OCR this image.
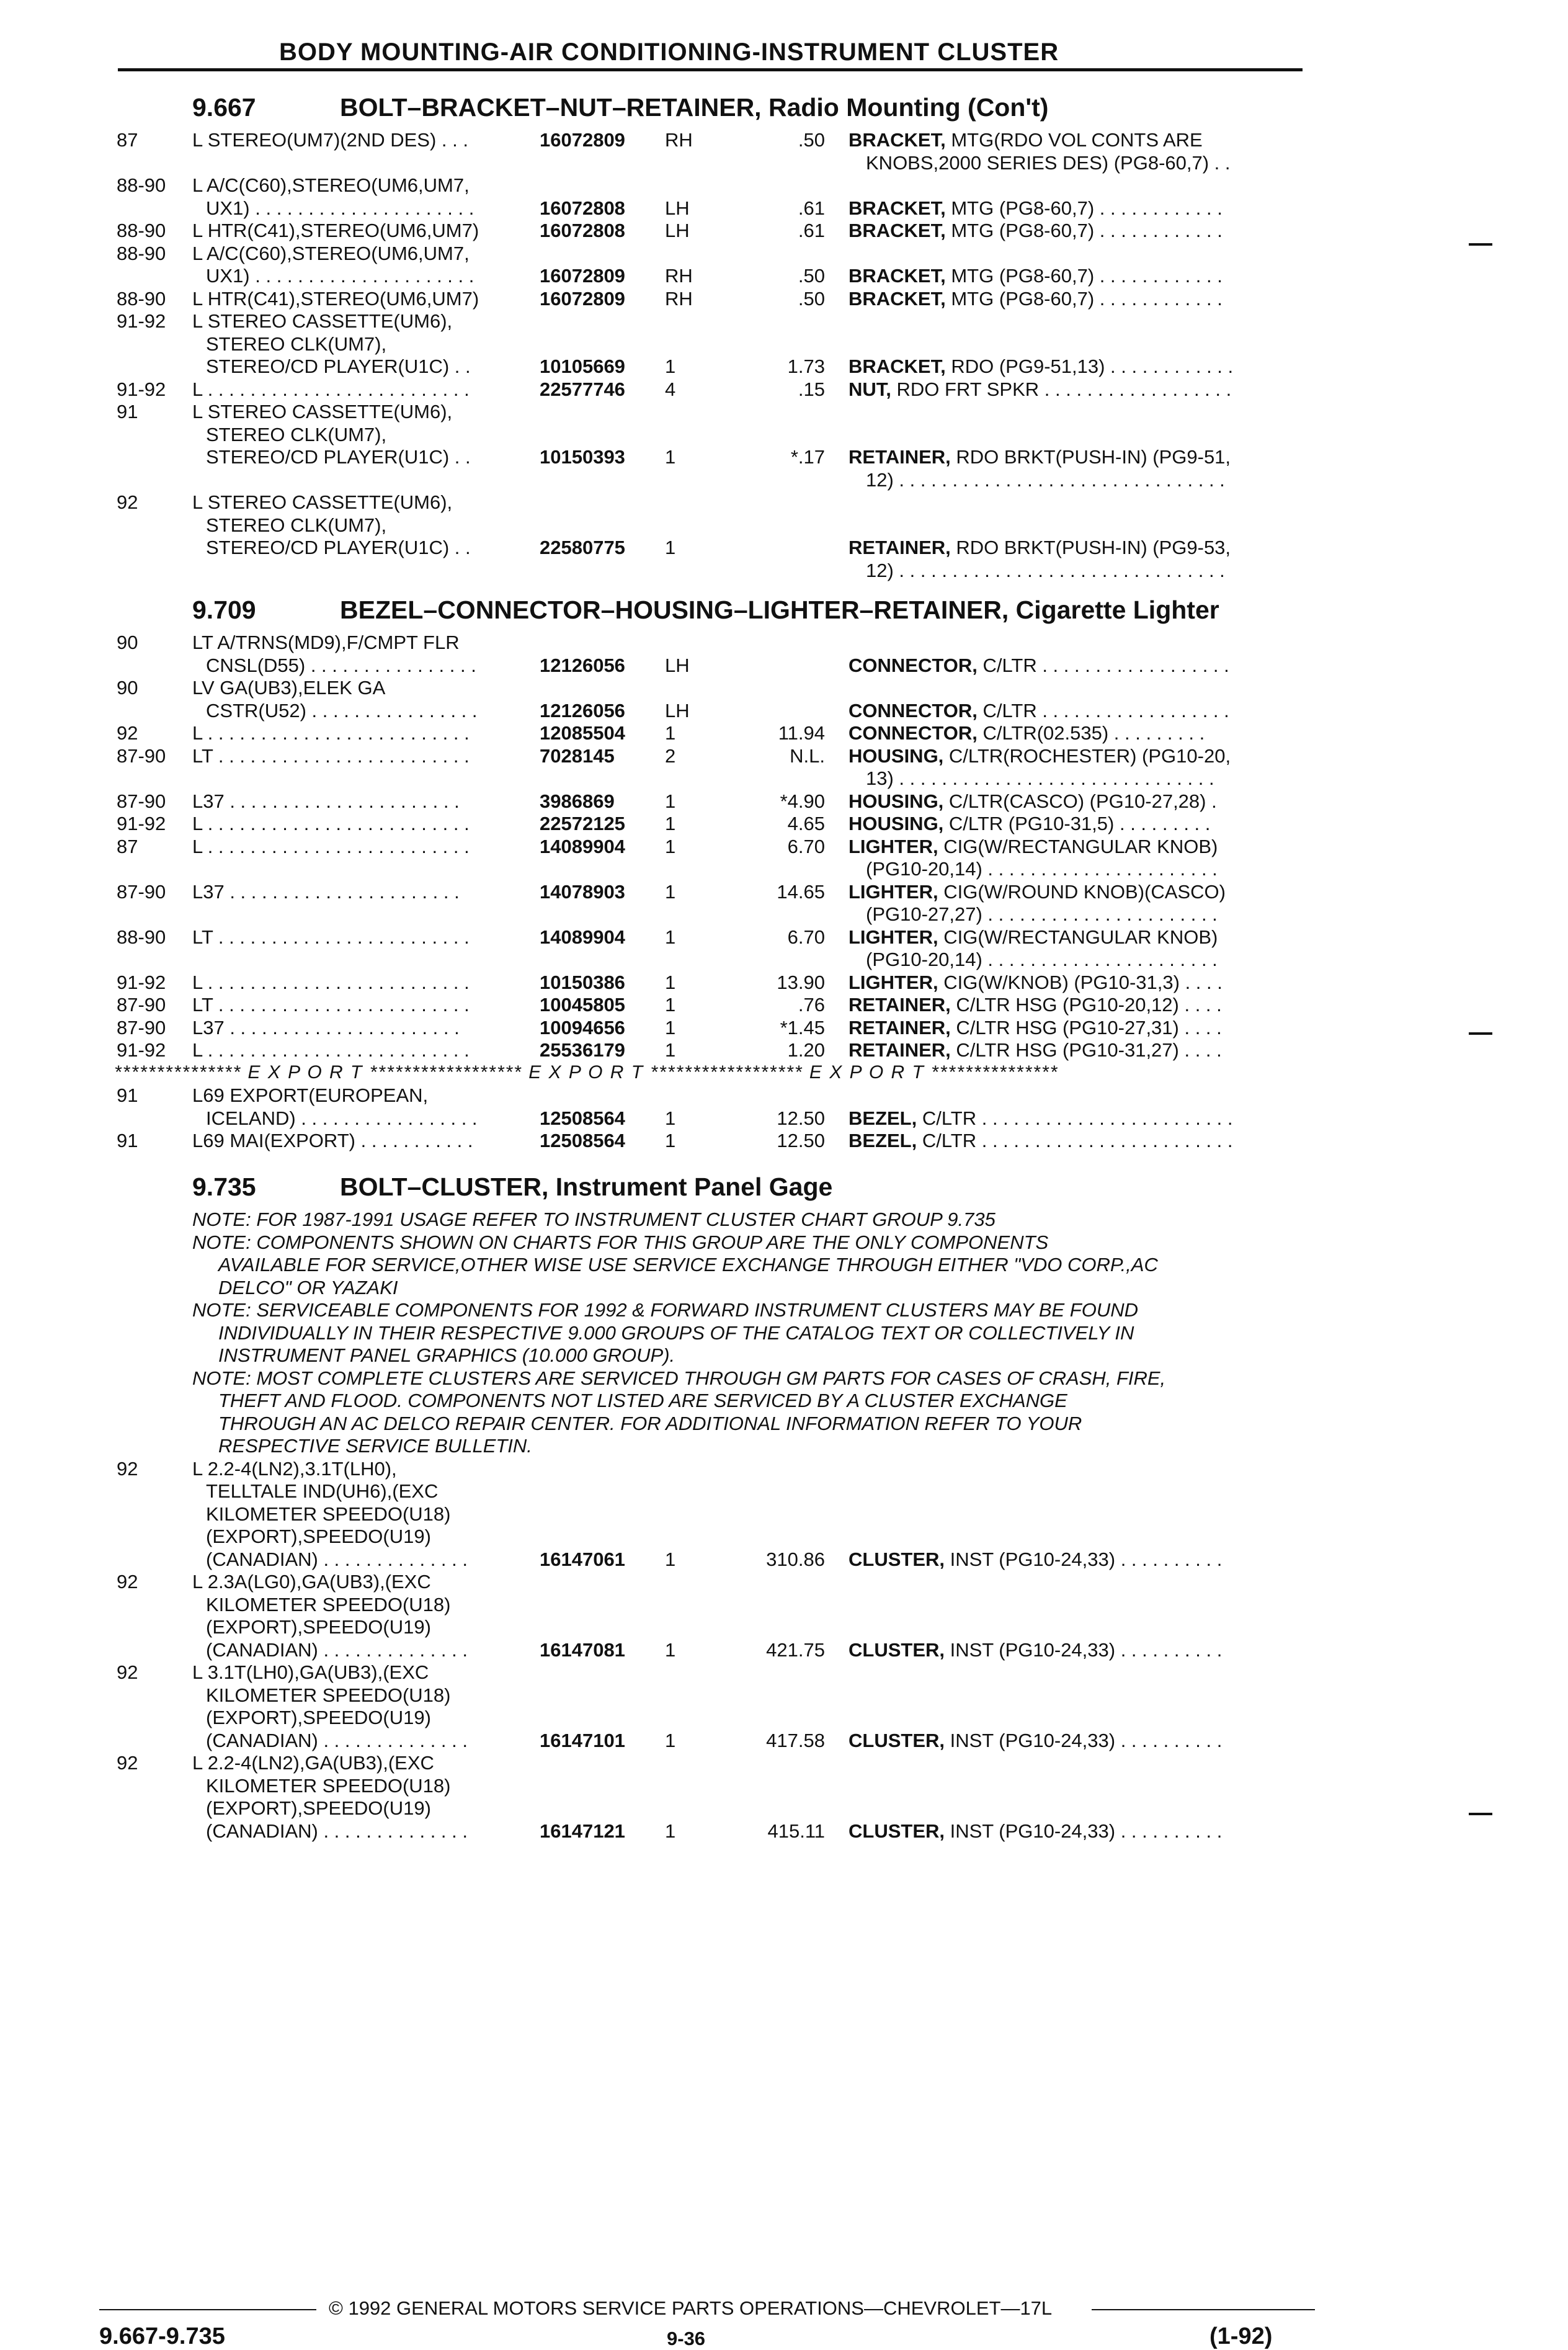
BODY MOUNTING-AIR CONDITIONING-INSTRUMENT CLUSTER
9.667	BOLT–BRACKET–NUT–RETAINER, Radio Mounting (Con't)
87	L STEREO(UM7)(2ND DES) . . .	16072809 RH	.50 BRACKET, MTG(RDO VOL CONTS ARE
KNOBS,2000 SERIES DES) (PG8-60,7) . .
88-90 L A/C(C60),STEREO(UM6,UM7,
UX1) . . . . . . . . . . . . . . . . . . . . .	16072808 LH	.61 BRACKET, MTG (PG8-60,7) . . . . . . . . . . . .
88-90 L HTR(C41),STEREO(UM6,UM7)	16072808 LH	.61 BRACKET, MTG (PG8-60,7) . . . . . . . . . . . .
88-90 L A/C(C60),STEREO(UM6,UM7,
UX1) . . . . . . . . . . . . . . . . . . . . .	16072809 RH	.50 BRACKET, MTG (PG8-60,7) . . . . . . . . . . . .
88-90 L HTR(C41),STEREO(UM6,UM7)	16072809 RH	.50 BRACKET, MTG (PG8-60,7) . . . . . . . . . . . .
91-92 L STEREO CASSETTE(UM6),
STEREO CLK(UM7),
STEREO/CD PLAYER(U1C) . .	10105669 1	1.73 BRACKET, RDO (PG9-51,13) . . . . . . . . . . . .
91-92 L . . . . . . . . . . . . . . . . . . . . . . . . .	22577746 4	.15 NUT, RDO FRT SPKR . . . . . . . . . . . . . . . . . .
91	L STEREO CASSETTE(UM6),
STEREO CLK(UM7),
STEREO/CD PLAYER(U1C) . .	10150393 1	*.17 RETAINER, RDO BRKT(PUSH-IN) (PG9-51,
12) . . . . . . . . . . . . . . . . . . . . . . . . . . . . . . .
92	L STEREO CASSETTE(UM6),
STEREO CLK(UM7),
STEREO/CD PLAYER(U1C) . .	22580775 1	RETAINER, RDO BRKT(PUSH-IN) (PG9-53,
12) . . . . . . . . . . . . . . . . . . . . . . . . . . . . . . .
9.709	BEZEL–CONNECTOR–HOUSING–LIGHTER–RETAINER, Cigarette Lighter
90	LT A/TRNS(MD9),F/CMPT FLR
CNSL(D55) . . . . . . . . . . . . . . . .	12126056 LH	CONNECTOR, C/LTR . . . . . . . . . . . . . . . . . .
90	LV GA(UB3),ELEK GA
CSTR(U52) . . . . . . . . . . . . . . . .	12126056 LH	CONNECTOR, C/LTR . . . . . . . . . . . . . . . . . .
92	L . . . . . . . . . . . . . . . . . . . . . . . . .	12085504 1	11.94 CONNECTOR, C/LTR(02.535) . . . . . . . . .
87-90 LT . . . . . . . . . . . . . . . . . . . . . . . .	7028145	2	N.L. HOUSING, C/LTR(ROCHESTER) (PG10-20,
13) . . . . . . . . . . . . . . . . . . . . . . . . . . . . . .
87-90 L37 . . . . . . . . . . . . . . . . . . . . . .	3986869	1	*4.90 HOUSING, C/LTR(CASCO) (PG10-27,28) .
91-92 L . . . . . . . . . . . . . . . . . . . . . . . . .	22572125 1	4.65 HOUSING, C/LTR (PG10-31,5) . . . . . . . . .
87	L . . . . . . . . . . . . . . . . . . . . . . . . .	14089904 1	6.70 LIGHTER, CIG(W/RECTANGULAR KNOB)
(PG10-20,14) . . . . . . . . . . . . . . . . . . . . . .
87-90 L37 . . . . . . . . . . . . . . . . . . . . . .	14078903 1	14.65 LIGHTER, CIG(W/ROUND KNOB)(CASCO)
(PG10-27,27) . . . . . . . . . . . . . . . . . . . . . .
88-90 LT . . . . . . . . . . . . . . . . . . . . . . . .	14089904 1	6.70 LIGHTER, CIG(W/RECTANGULAR KNOB)
(PG10-20,14) . . . . . . . . . . . . . . . . . . . . . .
91-92 L . . . . . . . . . . . . . . . . . . . . . . . . .	10150386 1	13.90 LIGHTER, CIG(W/KNOB) (PG10-31,3) . . . .
87-90 LT . . . . . . . . . . . . . . . . . . . . . . . .	10045805 1	.76 RETAINER, C/LTR HSG (PG10-20,12) . . . .
87-90 L37 . . . . . . . . . . . . . . . . . . . . . .	10094656 1	*1.45 RETAINER, C/LTR HSG (PG10-27,31) . . . .
91-92 L . . . . . . . . . . . . . . . . . . . . . . . . .	25536179 1	1.20 RETAINER, C/LTR HSG (PG10-31,27) . . . .
*************** E X P O R T ****************** E X P O R T ****************** E X P O R T ***************
91	L69 EXPORT(EUROPEAN,
ICELAND) . . . . . . . . . . . . . . . . .	12508564 1	12.50 BEZEL, C/LTR . . . . . . . . . . . . . . . . . . . . . . . .
91	L69 MAI(EXPORT) . . . . . . . . . . .	12508564 1	12.50 BEZEL, C/LTR . . . . . . . . . . . . . . . . . . . . . . . .
9.735	BOLT–CLUSTER, Instrument Panel Gage
NOTE: FOR 1987-1991 USAGE REFER TO INSTRUMENT CLUSTER CHART GROUP 9.735
NOTE: COMPONENTS SHOWN ON CHARTS FOR THIS GROUP ARE THE ONLY COMPONENTS
AVAILABLE FOR SERVICE,OTHER WISE USE SERVICE EXCHANGE THROUGH EITHER "VDO CORP.,AC
DELCO" OR YAZAKI
NOTE: SERVICEABLE COMPONENTS FOR 1992 & FORWARD INSTRUMENT CLUSTERS MAY BE FOUND
INDIVIDUALLY IN THEIR RESPECTIVE 9.000 GROUPS OF THE CATALOG TEXT OR COLLECTIVELY IN
INSTRUMENT PANEL GRAPHICS (10.000 GROUP).
NOTE: MOST COMPLETE CLUSTERS ARE SERVICED THROUGH GM PARTS FOR CASES OF CRASH, FIRE,
THEFT AND FLOOD. COMPONENTS NOT LISTED ARE SERVICED BY A CLUSTER EXCHANGE
THROUGH AN AC DELCO REPAIR CENTER. FOR ADDITIONAL INFORMATION REFER TO YOUR
RESPECTIVE SERVICE BULLETIN.
92	L 2.2-4(LN2),3.1T(LH0),
TELLTALE IND(UH6),(EXC
KILOMETER SPEEDO(U18)
(EXPORT),SPEEDO(U19)
(CANADIAN) . . . . . . . . . . . . . .	16147061 1	310.86 CLUSTER, INST (PG10-24,33) . . . . . . . . . .
92	L 2.3A(LG0),GA(UB3),(EXC
KILOMETER SPEEDO(U18)
(EXPORT),SPEEDO(U19)
(CANADIAN) . . . . . . . . . . . . . .	16147081 1	421.75 CLUSTER, INST (PG10-24,33) . . . . . . . . . .
92	L 3.1T(LH0),GA(UB3),(EXC
KILOMETER SPEEDO(U18)
(EXPORT),SPEEDO(U19)
(CANADIAN) . . . . . . . . . . . . . .	16147101 1	417.58 CLUSTER, INST (PG10-24,33) . . . . . . . . . .
92	L 2.2-4(LN2),GA(UB3),(EXC
KILOMETER SPEEDO(U18)
(EXPORT),SPEEDO(U19)
(CANADIAN) . . . . . . . . . . . . . .	16147121 1	415.11 CLUSTER, INST (PG10-24,33) . . . . . . . . . .
© 1992 GENERAL MOTORS SERVICE PARTS OPERATIONS—CHEVROLET—17L
9.667-9.735	9-36	(1-92)
